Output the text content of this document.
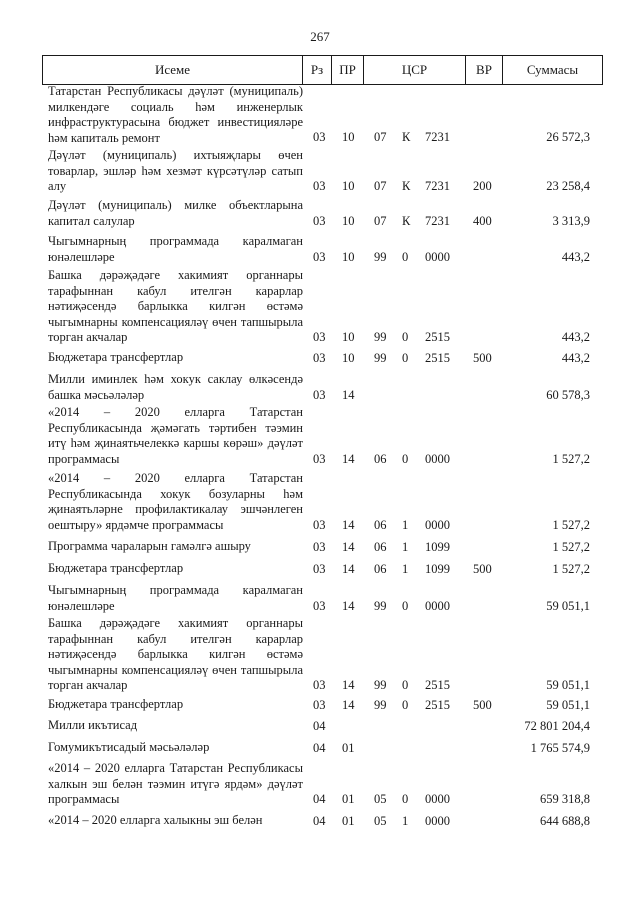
267
Исеме	Рз	ПР	ЦСР	ВР	Суммасы
Татарстан Республикасы дәүләт (муниципаль) милкендәге социаль һәм инженерлык инфраструктурасына бюджет инвестицияләре һәм капиталь ремонт	03 10 07 К 7231	26 572,3
Дәүләт (муниципаль) ихтыяҗлары өчен товарлар, эшләр һәм хезмәт күрсәтүләр сатып алу	03 10 07 К 7231 200	23 258,4
Дәүләт (муниципаль) милке объектларына капитал салулар	03 10 07 К 7231 400	3 313,9
Чыгымнарның программада каралмаган юнәлешләре	03 10 99 0 0000	443,2
Башка дәрәҗәдәге хакимият органнары тарафыннан кабул ителгән карарлар нәтиҗәсендә барлыкка килгән өстәмә чыгымнарны компенсацияләү өчен тапшырыла торган акчалар	03 10 99 0 2515	443,2
Бюджетара трансфертлар	03 10 99 0 2515 500	443,2
Милли иминлек һәм хокук саклау өлкәсендә башка мәсьәләләр	03 14	60 578,3
«2014 – 2020 елларга Татарстан Республикасында җәмәгать тәртибен тәэмин итү һәм җинаятьчелеккә каршы көрәш» дәүләт программасы	03 14 06 0 0000	1 527,2
«2014 – 2020 елларга Татарстан Республикасында хокук бозуларны һәм җинаятьләрне профилактикалау эшчәнлеген оештыру» ярдәмче программасы	03 14 06 1 0000	1 527,2
Программа чараларын гамәлгә ашыру	03 14 06 1 1099	1 527,2
Бюджетара трансфертлар	03 14 06 1 1099 500	1 527,2
Чыгымнарның программада каралмаган юнәлешләре	03 14 99 0 0000	59 051,1
Башка дәрәҗәдәге хакимият органнары тарафыннан кабул ителгән карарлар нәтиҗәсендә барлыкка килгән өстәмә чыгымнарны компенсацияләү өчен тапшырыла торган акчалар	03 14 99 0 2515	59 051,1
Бюджетара трансфертлар	03 14 99 0 2515 500	59 051,1
Милли икътисад	04	72 801 204,4
Гомумикътисадый мәсьәләләр	04 01	1 765 574,9
«2014 – 2020 елларга Татарстан Республикасы халкын эш белән тәэмин итүгә ярдәм» дәүләт программасы	04 01 05 0 0000	659 318,8
«2014 – 2020 елларга халыкны эш белән	04 01 05 1 0000	644 688,8
